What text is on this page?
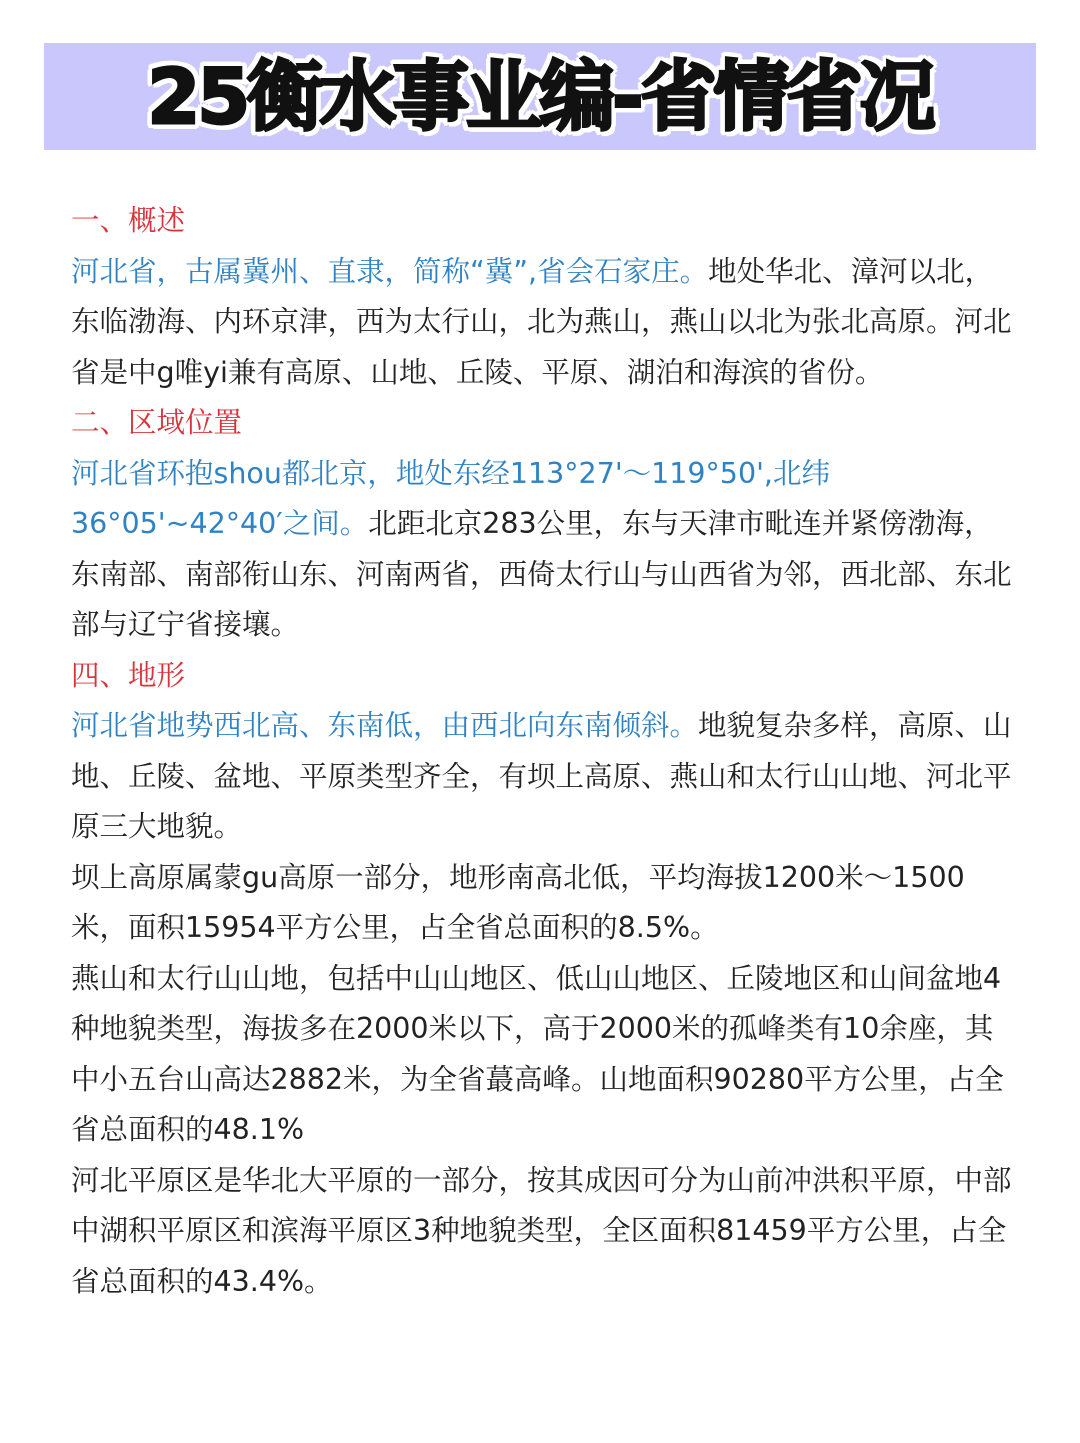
25衡水事业编-省情省况

一、概述

河北省，古属冀州、直隶，简称“冀”,省会石家庄。地处华北、漳河以北，东临渤海、内环京津，西为太行山，北为燕山，燕山以北为张北高原。河北省是中g唯yi兼有高原、山地、丘陵、平原、湖泊和海滨的省份。

二、区域位置

河北省环抱shou都北京，地处东经113°27'～119°50',北纬
36°05'~42°40′之间。北距北京283公里，东与天津市毗连并紧傍渤海，东南部、南部衔山东、河南两省，西倚太行山与山西省为邻，西北部、东北部与辽宁省接壤。

四、地形

河北省地势西北高、东南低，由西北向东南倾斜。地貌复杂多样，高原、山地、丘陵、盆地、平原类型齐全，有坝上高原、燕山和太行山山地、河北平原三大地貌。

坝上高原属蒙gu高原一部分，地形南高北低，平均海拔1200米～1500米，面积15954平方公里，占全省总面积的8.5%。

燕山和太行山山地，包括中山山地区、低山山地区、丘陵地区和山间盆地4种地貌类型，海拔多在2000米以下，高于2000米的孤峰类有10余座，其中小五台山高达2882米，为全省蕞高峰。山地面积90280平方公里，占全省总面积的48.1%

河北平原区是华北大平原的一部分，按其成因可分为山前冲洪积平原，中部中湖积平原区和滨海平原区3种地貌类型，全区面积81459平方公里，占全省总面积的43.4%。
